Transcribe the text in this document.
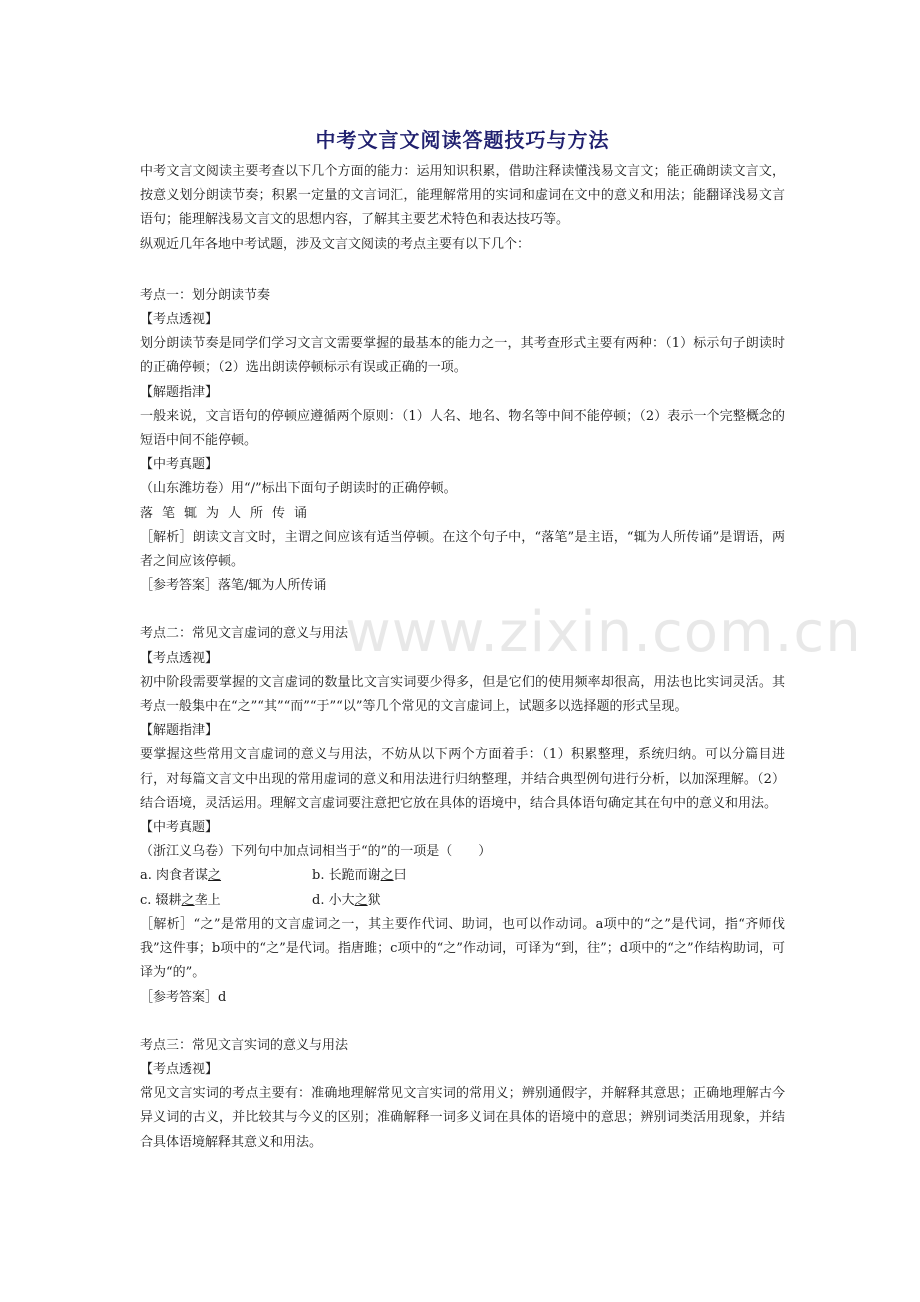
www.zixin.com.cn
中考文言文阅读答题技巧与方法

中考文言文阅读主要考查以下几个方面的能力：运用知识积累，借助注释读懂浅易文言文；能正确朗读文言文，按意义划分朗读节奏；积累一定量的文言词汇，能理解常用的实词和虚词在文中的意义和用法；能翻译浅易文言语句；能理解浅易文言文的思想内容，了解其主要艺术特色和表达技巧等。

纵观近几年各地中考试题，涉及文言文阅读的考点主要有以下几个：

考点一：划分朗读节奏

【考点透视】

划分朗读节奏是同学们学习文言文需要掌握的最基本的能力之一，其考查形式主要有两种：（1）标示句子朗读时的正确停顿；（2）选出朗读停顿标示有误或正确的一项。

【解题指津】

一般来说，文言语句的停顿应遵循两个原则：（1）人名、地名、物名等中间不能停顿；（2）表示一个完整概念的短语中间不能停顿。

【中考真题】

（山东潍坊卷）用“/”标出下面句子朗读时的正确停顿。

落笔辄为人所传诵

［解析］朗读文言文时，主谓之间应该有适当停顿。在这个句子中，“落笔”是主语，“辄为人所传诵”是谓语，两者之间应该停顿。

［参考答案］落笔/辄为人所传诵

考点二：常见文言虚词的意义与用法

【考点透视】

初中阶段需要掌握的文言虚词的数量比文言实词要少得多，但是它们的使用频率却很高，用法也比实词灵活。其考点一般集中在“之”“其”“而”“于”“以”等几个常见的文言虚词上，试题多以选择题的形式呈现。

【解题指津】

要掌握这些常用文言虚词的意义与用法，不妨从以下两个方面着手：（1）积累整理，系统归纳。可以分篇目进行，对每篇文言文中出现的常用虚词的意义和用法进行归纳整理，并结合典型例句进行分析，以加深理解。（2）结合语境，灵活运用。理解文言虚词要注意把它放在具体的语境中，结合具体语句确定其在句中的意义和用法。

【中考真题】

（浙江义乌卷）下列句中加点词相当于“的”的一项是（　　）

a. 肉食者谋之	b. 长跪而谢之曰
c. 辍耕之垄上	d. 小大之狱

［解析］“之”是常用的文言虚词之一，其主要作代词、助词，也可以作动词。a项中的“之”是代词，指“齐师伐我”这件事；b项中的“之”是代词。指唐雎；c项中的“之”作动词，可译为“到，往”；d项中的“之”作结构助词，可译为“的”。

［参考答案］d

考点三：常见文言实词的意义与用法

【考点透视】

常见文言实词的考点主要有：准确地理解常见文言实词的常用义；辨别通假字，并解释其意思；正确地理解古今异义词的古义，并比较其与今义的区别；准确解释一词多义词在具体的语境中的意思；辨别词类活用现象，并结合具体语境解释其意义和用法。
